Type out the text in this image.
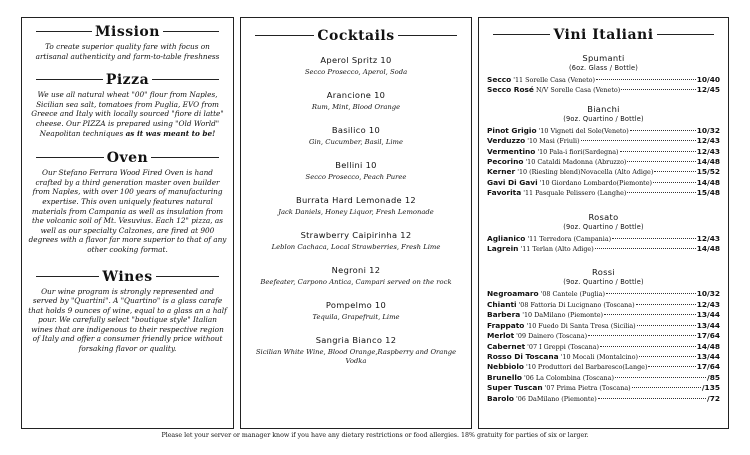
Mission
To create superior quality fare with focus on artisanal authenticity and farm-to-table freshness
Pizza
We use all natural wheat "00" flour from Naples, Sicilian sea salt, tomatoes from Puglia, EVO from Greece and Italy with locally sourced "fiore di latte" cheese. Our PIZZA is prepared using "Old World" Neapolitan techniques as it was meant to be!
Oven
Our Stefano Ferrara Wood Fired Oven is hand crafted by a third generation master oven builder from Naples, with over 100 years of manufacturing expertise. This oven uniquely features natural materials from Campania as well as insulation from the volcanic soil of Mt. Vesuvius. Each 12" pizza, as well as our specialty Calzones, are fired at 900 degrees with a flavor far more superior to that of any other cooking format.
Wines
Our wine program is strongly represented and served by "Quartini". A "Quartino" is a glass carafe that holds 9 ounces of wine, equal to a glass an a half pour. We carefully select "boutique style" Italian wines that are indigenous to their respective region of Italy and offer a consumer friendly price without forsaking flavor or quality.
Cocktails
Aperol Spritz 10
Secco Prosecco, Aperol, Soda
Arancione 10
Rum, Mint, Blood Orange
Basilico 10
Gin, Cucumber, Basil, Lime
Bellini 10
Secco Prosecco, Peach Puree
Burrata Hard Lemonade 12
Jack Daniels, Honey Liquor, Fresh Lemonade
Strawberry Caipirinha 12
Leblon Cachaca, Local Strawberries, Fresh Lime
Negroni 12
Beefeater, Carpono Antica, Campari served on the rock
Pompelmo 10
Tequila, Grapefruit, Lime
Sangria Bianco 12
Sicilian White Wine, Blood Orange,Raspberry and Orange Vodka
Vini Italiani
Spumanti
(6oz. Glass / Bottle)
Secco '11 Sorelle Casa (Veneto)	10/40
Secco Rosé N/V Sorelle Casa (Veneto)	12/45
Bianchi
(9oz. Quartino / Bottle)
Pinot Grigio '10 Vigneti del Sole(Veneto)	10/32
Verduzzo '10 Masi (Friuli)	12/43
Vermentino '10 Pala-i fiori(Sardegna)	12/43
Pecorino '10 Cataldi Madonna (Abruzzo)	14/48
Kerner '10 (Riesling blend)Novacella (Alto Adige)	15/52
Gavi Di Gavi '10 Giordano Lombardo(Piemonte)	14/48
Favorita '11 Pasquale Pelissero (Langhe)	15/48
Rosato
(9oz. Quartino / Bottle)
Aglianico '11 Terredora (Campania)	12/43
Lagrein '11 Terlan (Alto Adige)	14/48
Rossi
(9oz. Quartino / Bottle)
Negroamaro '08 Cantele (Puglia)	10/32
Chianti '08 Fattoria Di Lucignano (Toscana)	12/43
Barbera '10 DaMilano (Piemonte)	13/44
Frappato '10 Fuedo Di Santa Tresa (Sicilia)	13/44
Merlot '09 Dainero (Toscana)	17/64
Cabernet '07 I Greppi (Toscana)	14/48
Rosso Di Toscana '10 Mocali (Montalcino)	13/44
Nebbiolo '10 Produttori del Barbaresco(Lange)	17/64
Brunello '06 La Colombina (Toscana)	/85
Super Tuscan '07 Prima Pietra (Toscana)	/135
Barolo '06 DaMilano (Piemonte)	/72
Please let your server or manager know if you have any dietary restrictions or food allergies. 18% gratuity for parties of six or larger.
